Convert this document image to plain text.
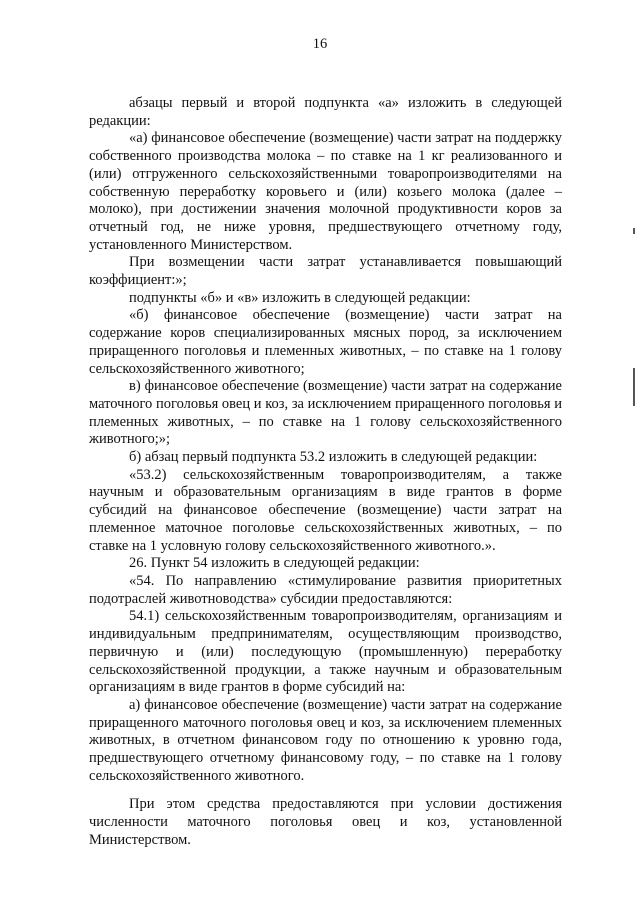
16

абзацы первый и второй подпункта «а» изложить в следующей редакции:

«а) финансовое обеспечение (возмещение) части затрат на поддержку собственного производства молока – по ставке на 1 кг реализованного и (или) отгруженного сельскохозяйственными товаропроизводителями на собственную переработку коровьего и (или) козьего молока (далее – молоко), при достижении значения молочной продуктивности коров за отчетный год, не ниже уровня, предшествующего отчетному году, установленного Министерством.

При возмещении части затрат устанавливается повышающий коэффициент:»;

подпункты «б» и «в» изложить в следующей редакции:

«б) финансовое обеспечение (возмещение) части затрат на содержание коров специализированных мясных пород, за исключением приращенного поголовья и племенных животных, – по ставке на 1 голову сельскохозяйственного животного;

в) финансовое обеспечение (возмещение) части затрат на содержание маточного поголовья овец и коз, за исключением приращенного поголовья и племенных животных, – по ставке на 1 голову сельскохозяйственного животного;»;

б) абзац первый подпункта 53.2 изложить в следующей редакции:

«53.2) сельскохозяйственным товаропроизводителям, а также научным и образовательным организациям в виде грантов в форме субсидий на финансовое обеспечение (возмещение) части затрат на племенное маточное поголовье сельскохозяйственных животных, – по ставке на 1 условную голову сельскохозяйственного животного.».

26. Пункт 54 изложить в следующей редакции:

«54. По направлению «стимулирование развития приоритетных подотраслей животноводства» субсидии предоставляются:

54.1) сельскохозяйственным товаропроизводителям, организациям и индивидуальным предпринимателям, осуществляющим производство, первичную и (или) последующую (промышленную) переработку сельскохозяйственной продукции, а также научным и образовательным организациям в виде грантов в форме субсидий на:

а) финансовое обеспечение (возмещение) части затрат на содержание приращенного маточного поголовья овец и коз, за исключением племенных животных, в отчетном финансовом году по отношению к уровню года, предшествующего отчетному финансовому году, – по ставке на 1 голову сельскохозяйственного животного.

При этом средства предоставляются при условии достижения численности маточного поголовья овец и коз, установленной Министерством.
